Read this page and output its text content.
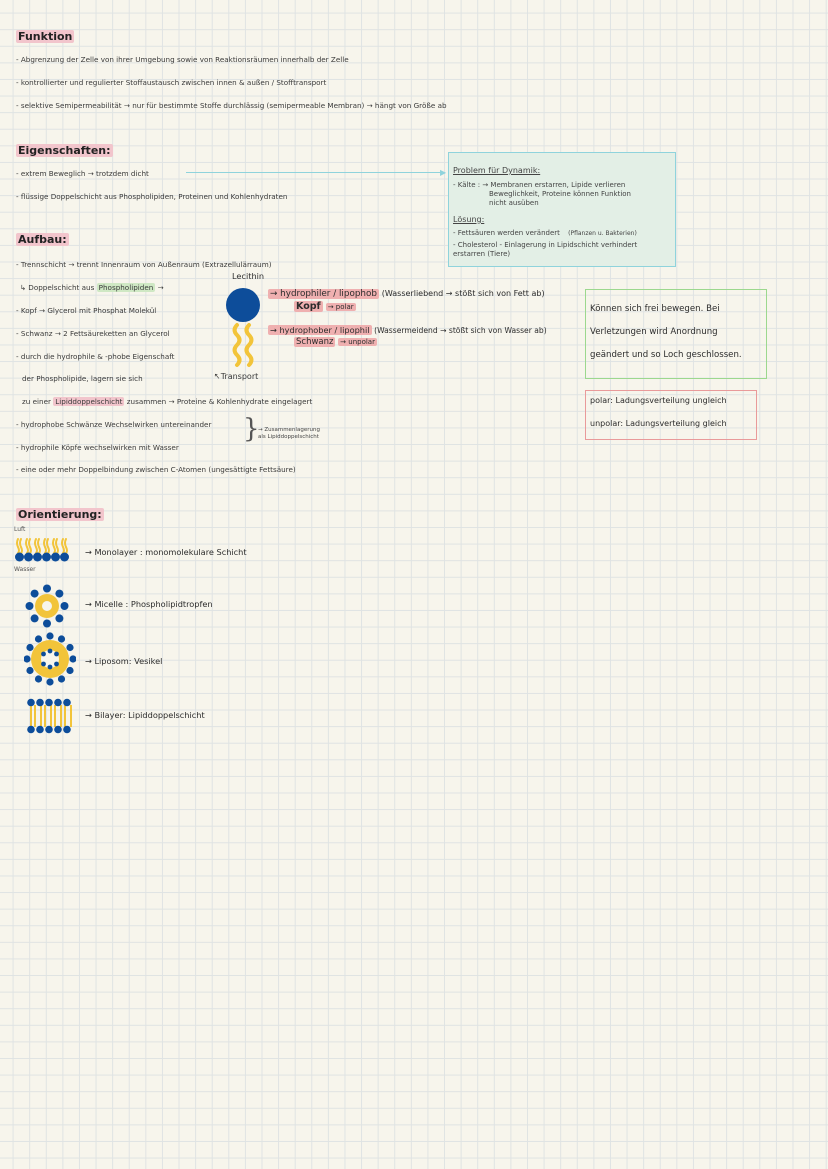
Funktion
- Abgrenzung der Zelle von ihrer Umgebung sowie von Reaktionsräumen innerhalb der Zelle
- kontrollierter und regulierter Stoffaustausch zwischen innen & außen / Stofftransport
- selektive Semipermeabilität → nur für bestimmte Stoffe durchlässig (semipermeable Membran) → hängt von Größe ab
Eigenschaften:
- extrem Beweglich → trotzdem dicht	▶
- flüssige Doppelschicht aus Phospholipiden, Proteinen und Kohlenhydraten
Problem für Dynamik:
- Kälte : → Membranen erstarren, Lipide verlieren
Beweglichkeit, Proteine können Funktion
nicht ausüben
Lösung:
- Fettsäuren werden verändert (Pflanzen u. Bakterien)
- Cholesterol - Einlagerung in Lipidschicht verhindert
erstarren (Tiere)
Aufbau:
- Trennschicht → trennt Innenraum von Außenraum (Extrazellulärraum)
↳ Doppelschicht aus Phospholipiden →
- Kopf → Glycerol mit Phosphat Molekül
- Schwanz → 2 Fettsäureketten an Glycerol
- durch die hydrophile & -phobe Eigenschaft
der Phospholipide, lagern sie sich
zu einer Lipiddoppelschicht zusammen → Proteine & Kohlenhydrate eingelagert
- hydrophobe Schwänze Wechselwirken untereinander
- hydrophile Köpfe wechselwirken mit Wasser
}
→ Zusammenlagerung
als Lipiddoppelschicht
- eine oder mehr Doppelbindung zwischen C-Atomen (ungesättigte Fettsäure)
Lecithin
↑Transport
→ hydrophiler / lipophob (Wasserliebend → stößt sich von Fett ab)
Kopf → polar
→ hydrophober / lipophil (Wassermeidend → stößt sich von Wasser ab)
Schwanz → unpolar
Können sich frei bewegen. Bei
Verletzungen wird Anordnung
geändert und so Loch geschlossen.
polar: Ladungsverteilung ungleich
unpolar: Ladungsverteilung gleich
Orientierung:
Luft
Wasser
→ Monolayer : monomolekulare Schicht
→ Micelle : Phospholipidtropfen
→ Liposom: Vesikel
→ Bilayer: Lipiddoppelschicht
